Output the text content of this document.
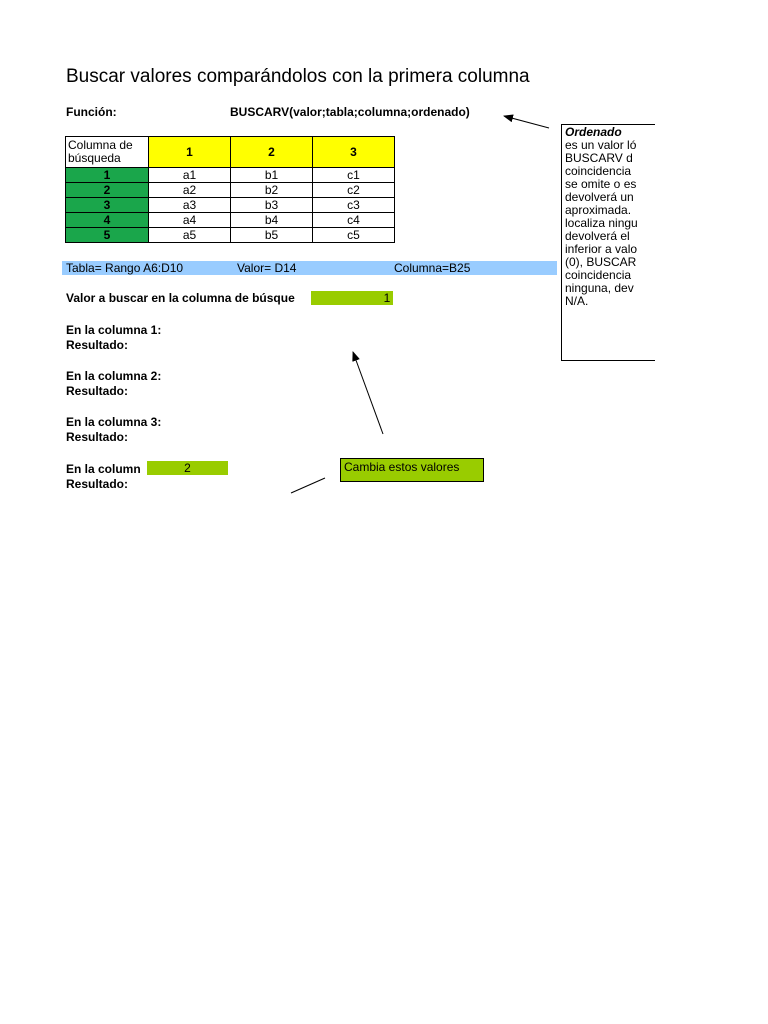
Buscar valores comparándolos con la primera columna
Función:	BUSCARV(valor;tabla;columna;ordenado)
Columna de búsqueda	1	2	3
1	a1	b1	c1
2	a2	b2	c2
3	a3	b3	c3
4	a4	b4	c4
5	a5	b5	c5
Tabla= Rango A6:D10	Valor= D14	Columna=B25
Valor a buscar en la columna de búsque	1
En la columna 1:
Resultado:
En la columna 2:
Resultado:
En la columna 3:
Resultado:
En la column	2
Resultado:
Cambia estos valores
Ordenado
es un valor ló
BUSCARV d
coincidencia
se omite o es
devolverá un
aproximada.
localiza ningu
devolverá el
inferior a valo
(0), BUSCAR
coincidencia
ninguna, dev
N/A.
